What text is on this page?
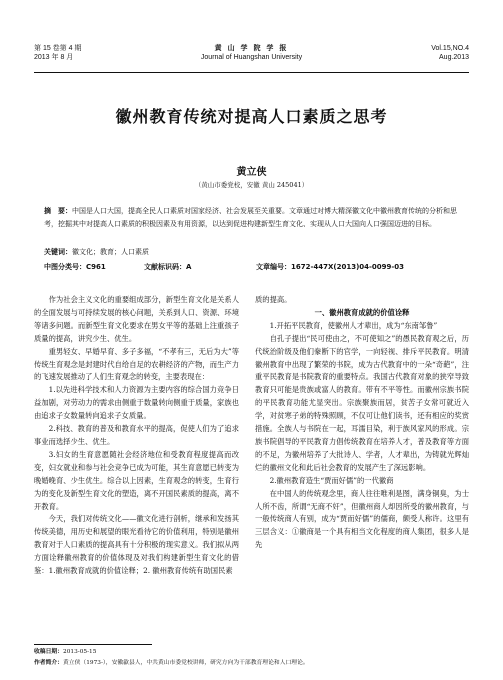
第 15 卷第 4 期
2013 年 8 月
黄 山 学 院 学 报
Journal of Huangshan University
Vol.15,NO.4
Aug.2013
徽州教育传统对提高人口素质之思考
黄立侠
（黄山市委党校，安徽 黄山 245041）
摘　要：中国是人口大国，提高全民人口素质对国家经济、社会发展至关重要。文章通过对博大精深徽文化中徽州教育传统的分析和思考，挖掘其中对提高人口素质的积极因素及有用资源，以达到促进构建新型生育文化、实现从人口大国向人口强国迈进的目标。
关键词：徽文化；教育；人口素质
中图分类号：C961	文献标识码：A	文章编号：1672-447X(2013)04-0099-03

作为社会主义文化的重要组成部分，新型生育文化是关系人的全面发展与可持续发展的核心问题，关系到人口、资源、环境等诸多问题。而新型生育文化要求在男女平等的基础上注重孩子质量的提高，讲究少生、优生。

重男轻女、早婚早育、多子多福，“不孝有三，无后为大”等传统生育观念是封建时代自给自足的农耕经济的产物，而生产力的飞速发展推动了人们生育观念的转变，主要表现在：

1.以先进科学技术和人力资源为主要内容的综合国力竞争日益加剧，对劳动力的需求由侧重于数量转向侧重于质量，家族也由追求子女数量转向追求子女质量。

2.科技、教育的普及和教育水平的提高，促使人们为了追求事业而选择少生、优生。

3.妇女的生育意愿随社会经济地位和受教育程度提高而改变，妇女就业和参与社会竞争已成为可能，其生育意愿已转变为晚婚晚育、少生优生。综合以上因素，生育观念的转变，生育行为的变化及新型生育文化的塑造，离不开国民素质的提高，离不开教育。

今天，我们对传统文化——徽文化进行剖析，继承和发扬其传统美德，用历史和展望的眼光看待它的价值利用，特别是徽州教育对于人口素质的提高具有十分积极的现实意义。我们拟从两方面诠释徽州教育的价值体现及对我们构建新型生育文化的借鉴：1.徽州教育成就的价值诠释；2. 徽州教育传统有助国民素

质的提高。

一、徽州教育成就的价值诠释

1.开拓平民教育，使徽州人才辈出，成为“东南邹鲁”

自孔子提出“民可使由之，不可使知之”的愚民教育观之后，历代统治阶级及他们豢断下的官学，一向轻视、排斥平民教育。明清徽州教育中出现了繁荣的书院，成为古代教育中的一朵“奇葩”，注重平民教育是书院教育的重要特点。我国古代教育对象的狭窄导致教育只可能是贵族或富人的教育。带有不平等性。而徽州宗族书院的平民教育功能尤显突出。宗族聚族而居，贫苦子女常可就近入学，对贫寒子弟的特殊照顾，不仅可让他们读书，还有相应的奖赏措施。全族人与书院在一起，耳濡目染，利于族风家风的形成。宗族书院倡导的平民教育力倡传统教育在培养人才，普及教育等方面的不足，为徽州培养了大批诗人、学者，人才辈出，为铸就光辉灿烂的徽州文化和此后社会教育的发展产生了深远影响。

2.徽州教育造生“贾而好儒”的一代徽商

在中国人的传统观念里，商人往往唯利是图，满身铜臭，为士人所不齿，所谓“无商不奸”，但徽州商人却因所受的徽州教育，与一般传统商人有别，成为“贾而好儒”的儒商，颇受人称许。这里有三层含义：①徽商是一个具有相当文化程度的商人集团，很多人是先

收稿日期：2013-05-15
作者简介：黄立侠（1973-），安徽歙县人，中共黄山市委党校讲师，研究方向为干部教育理论和人口理论。
